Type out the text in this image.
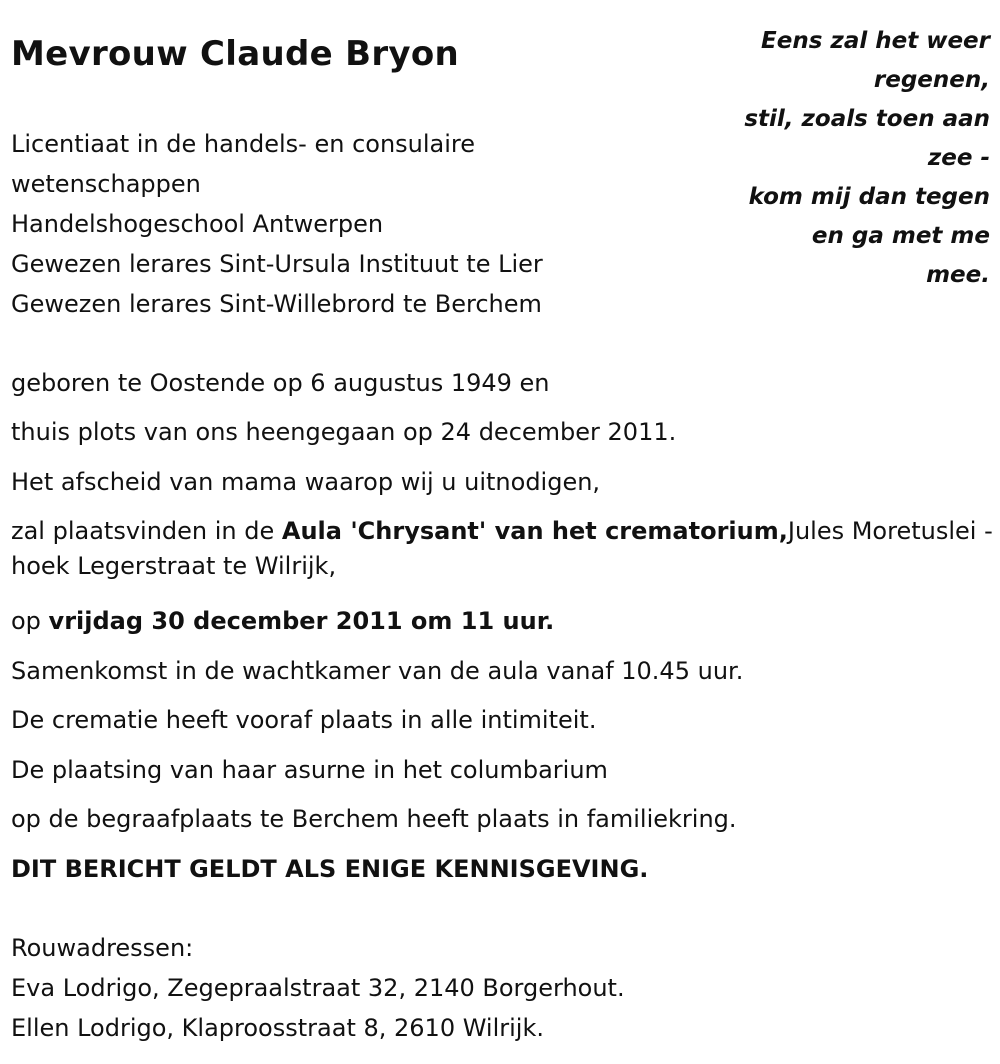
Mevrouw Claude Bryon	Eens zal het weer
regenen,
stil, zoals toen aan
zee -
kom mij dan tegen
en ga met me
mee.
Licentiaat in de handels- en consulaire
wetenschappen
Handelshogeschool Antwerpen
Gewezen lerares Sint-Ursula Instituut te Lier
Gewezen lerares Sint-Willebrord te Berchem

geboren te Oostende op 6 augustus 1949 en

thuis plots van ons heengegaan op 24 december 2011.

Het afscheid van mama waarop wij u uitnodigen,

zal plaatsvinden in de Aula 'Chrysant' van het crematorium,Jules Moretuslei - hoek Legerstraat te Wilrijk,

op vrijdag 30 december 2011 om 11 uur.

Samenkomst in de wachtkamer van de aula vanaf 10.45 uur.

De crematie heeft vooraf plaats in alle intimiteit.

De plaatsing van haar asurne in het columbarium

op de begraafplaats te Berchem heeft plaats in familiekring.

DIT BERICHT GELDT ALS ENIGE KENNISGEVING.

Rouwadressen:
Eva Lodrigo, Zegepraalstraat 32, 2140 Borgerhout.
Ellen Lodrigo, Klaproosstraat 8, 2610 Wilrijk.
